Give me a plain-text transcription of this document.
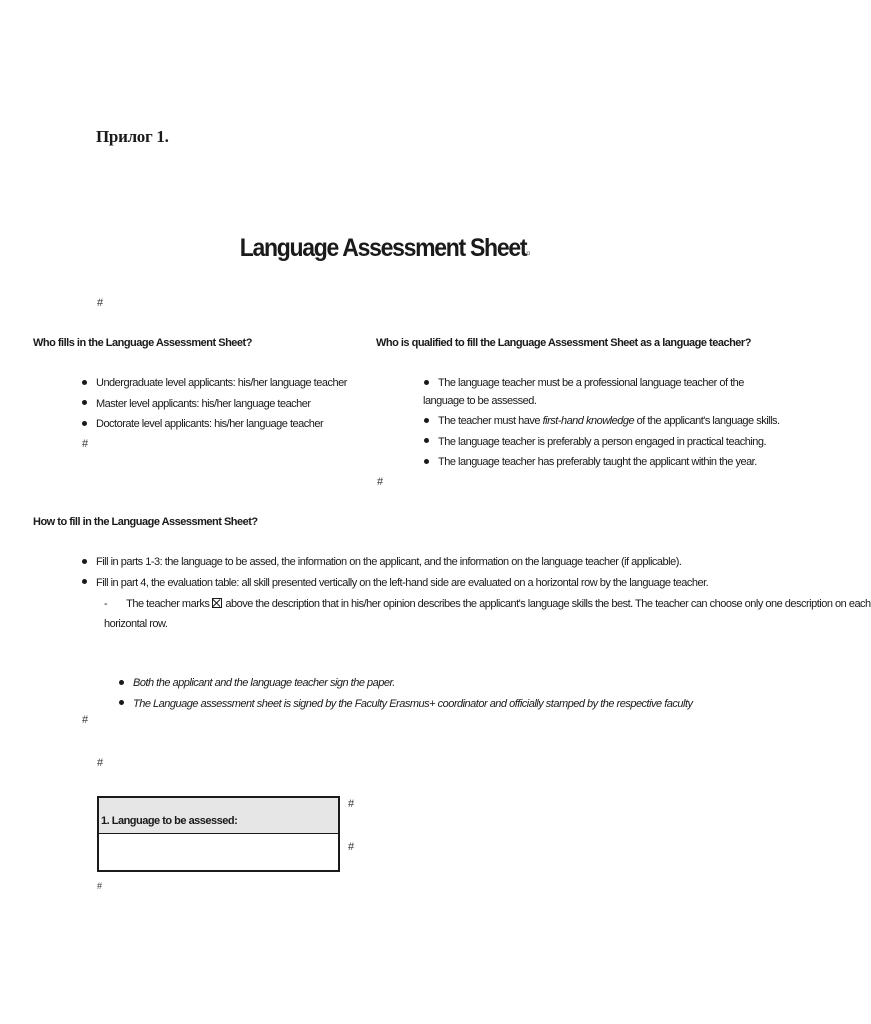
Прилог 1.
Language Assessment Sheet¤
#
Who fills in the Language Assessment Sheet?
Undergraduate level applicants: his/her language teacher
Master level applicants: his/her language teacher
Doctorate level applicants: his/her language teacher
#
Who is qualified to fill the Language Assessment Sheet as a language teacher?
The language teacher must be a professional language teacher of the
language to be assessed.
The teacher must have first-hand knowledge of the applicant's language skills.
The language teacher is preferably a person engaged in practical teaching.
The language teacher has preferably taught the applicant within the year.
#
How to fill in the Language Assessment Sheet?
Fill in parts 1-3: the language to be assed, the information on the applicant, and the information on the language teacher (if applicable).
Fill in part 4, the evaluation table: all skill presented vertically on the left-hand side are evaluated on a horizontal row by the language teacher.
- The teacher marks above the description that in his/her opinion describes the applicant's language skills the best. The teacher can choose only one description on each
horizontal row.
Both the applicant and the language teacher sign the paper.
The Language assessment sheet is signed by the Faculty Erasmus+ coordinator and officially stamped by the respective faculty
#
#
1. Language to be assessed:
#
#
#
